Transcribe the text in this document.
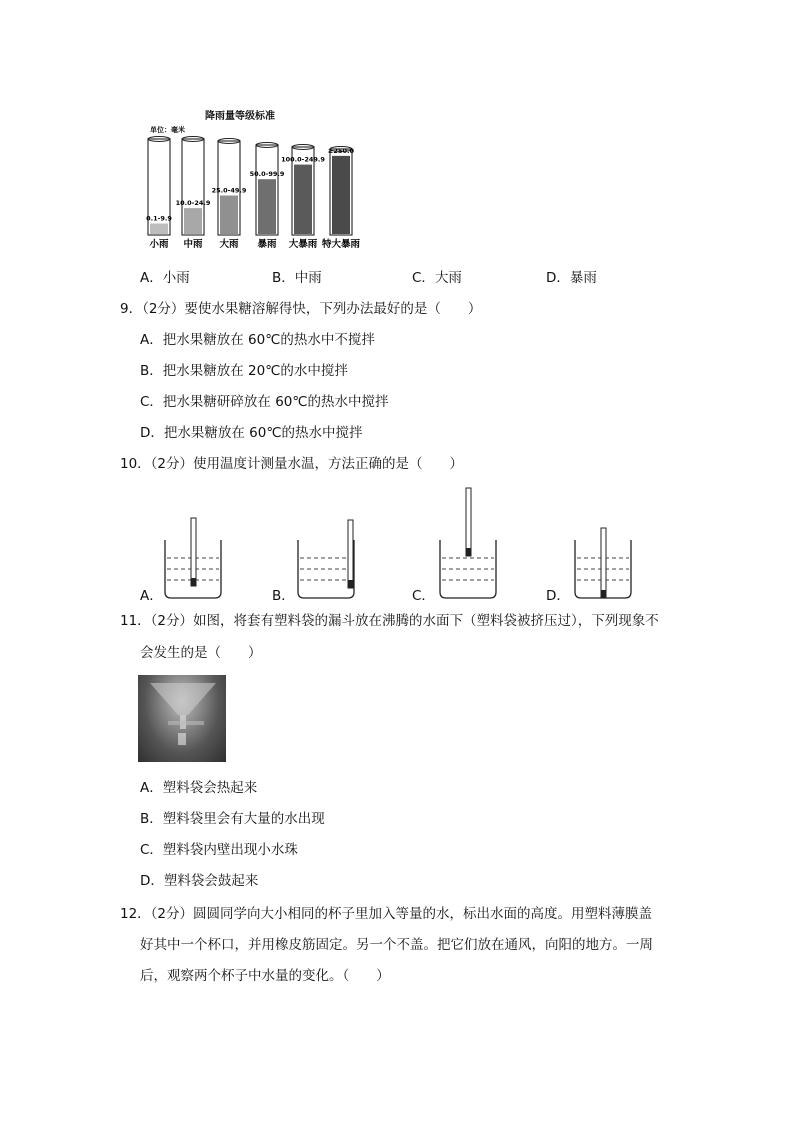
降雨量等级标准
单位：毫米
0.1-9.9
小雨
10.0-24.9
中雨
25.0-49.9
大雨
50.0-99.9
暴雨
100.0-249.9
大暴雨
≥250.0
特大暴雨
A．小雨	B．中雨	C．大雨	D．暴雨
9．（2分）要使水果糖溶解得快，下列办法最好的是（　　）
A．把水果糖放在 60℃的热水中不搅拌
B．把水果糖放在 20℃的水中搅拌
C．把水果糖研碎放在 60℃的热水中搅拌
D．把水果糖放在 60℃的热水中搅拌
10．（2分）使用温度计测量水温，方法正确的是（　　）
A．	B．	C．	D．
11．（2分）如图，将套有塑料袋的漏斗放在沸腾的水面下（塑料袋被挤压过），下列现象不
会发生的是（　　）
A．塑料袋会热起来
B．塑料袋里会有大量的水出现
C．塑料袋内壁出现小水珠
D．塑料袋会鼓起来
12．（2分）圆圆同学向大小相同的杯子里加入等量的水，标出水面的高度。用塑料薄膜盖
好其中一个杯口，并用橡皮筋固定。另一个不盖。把它们放在通风，向阳的地方。一周
后，观察两个杯子中水量的变化。（　　）
